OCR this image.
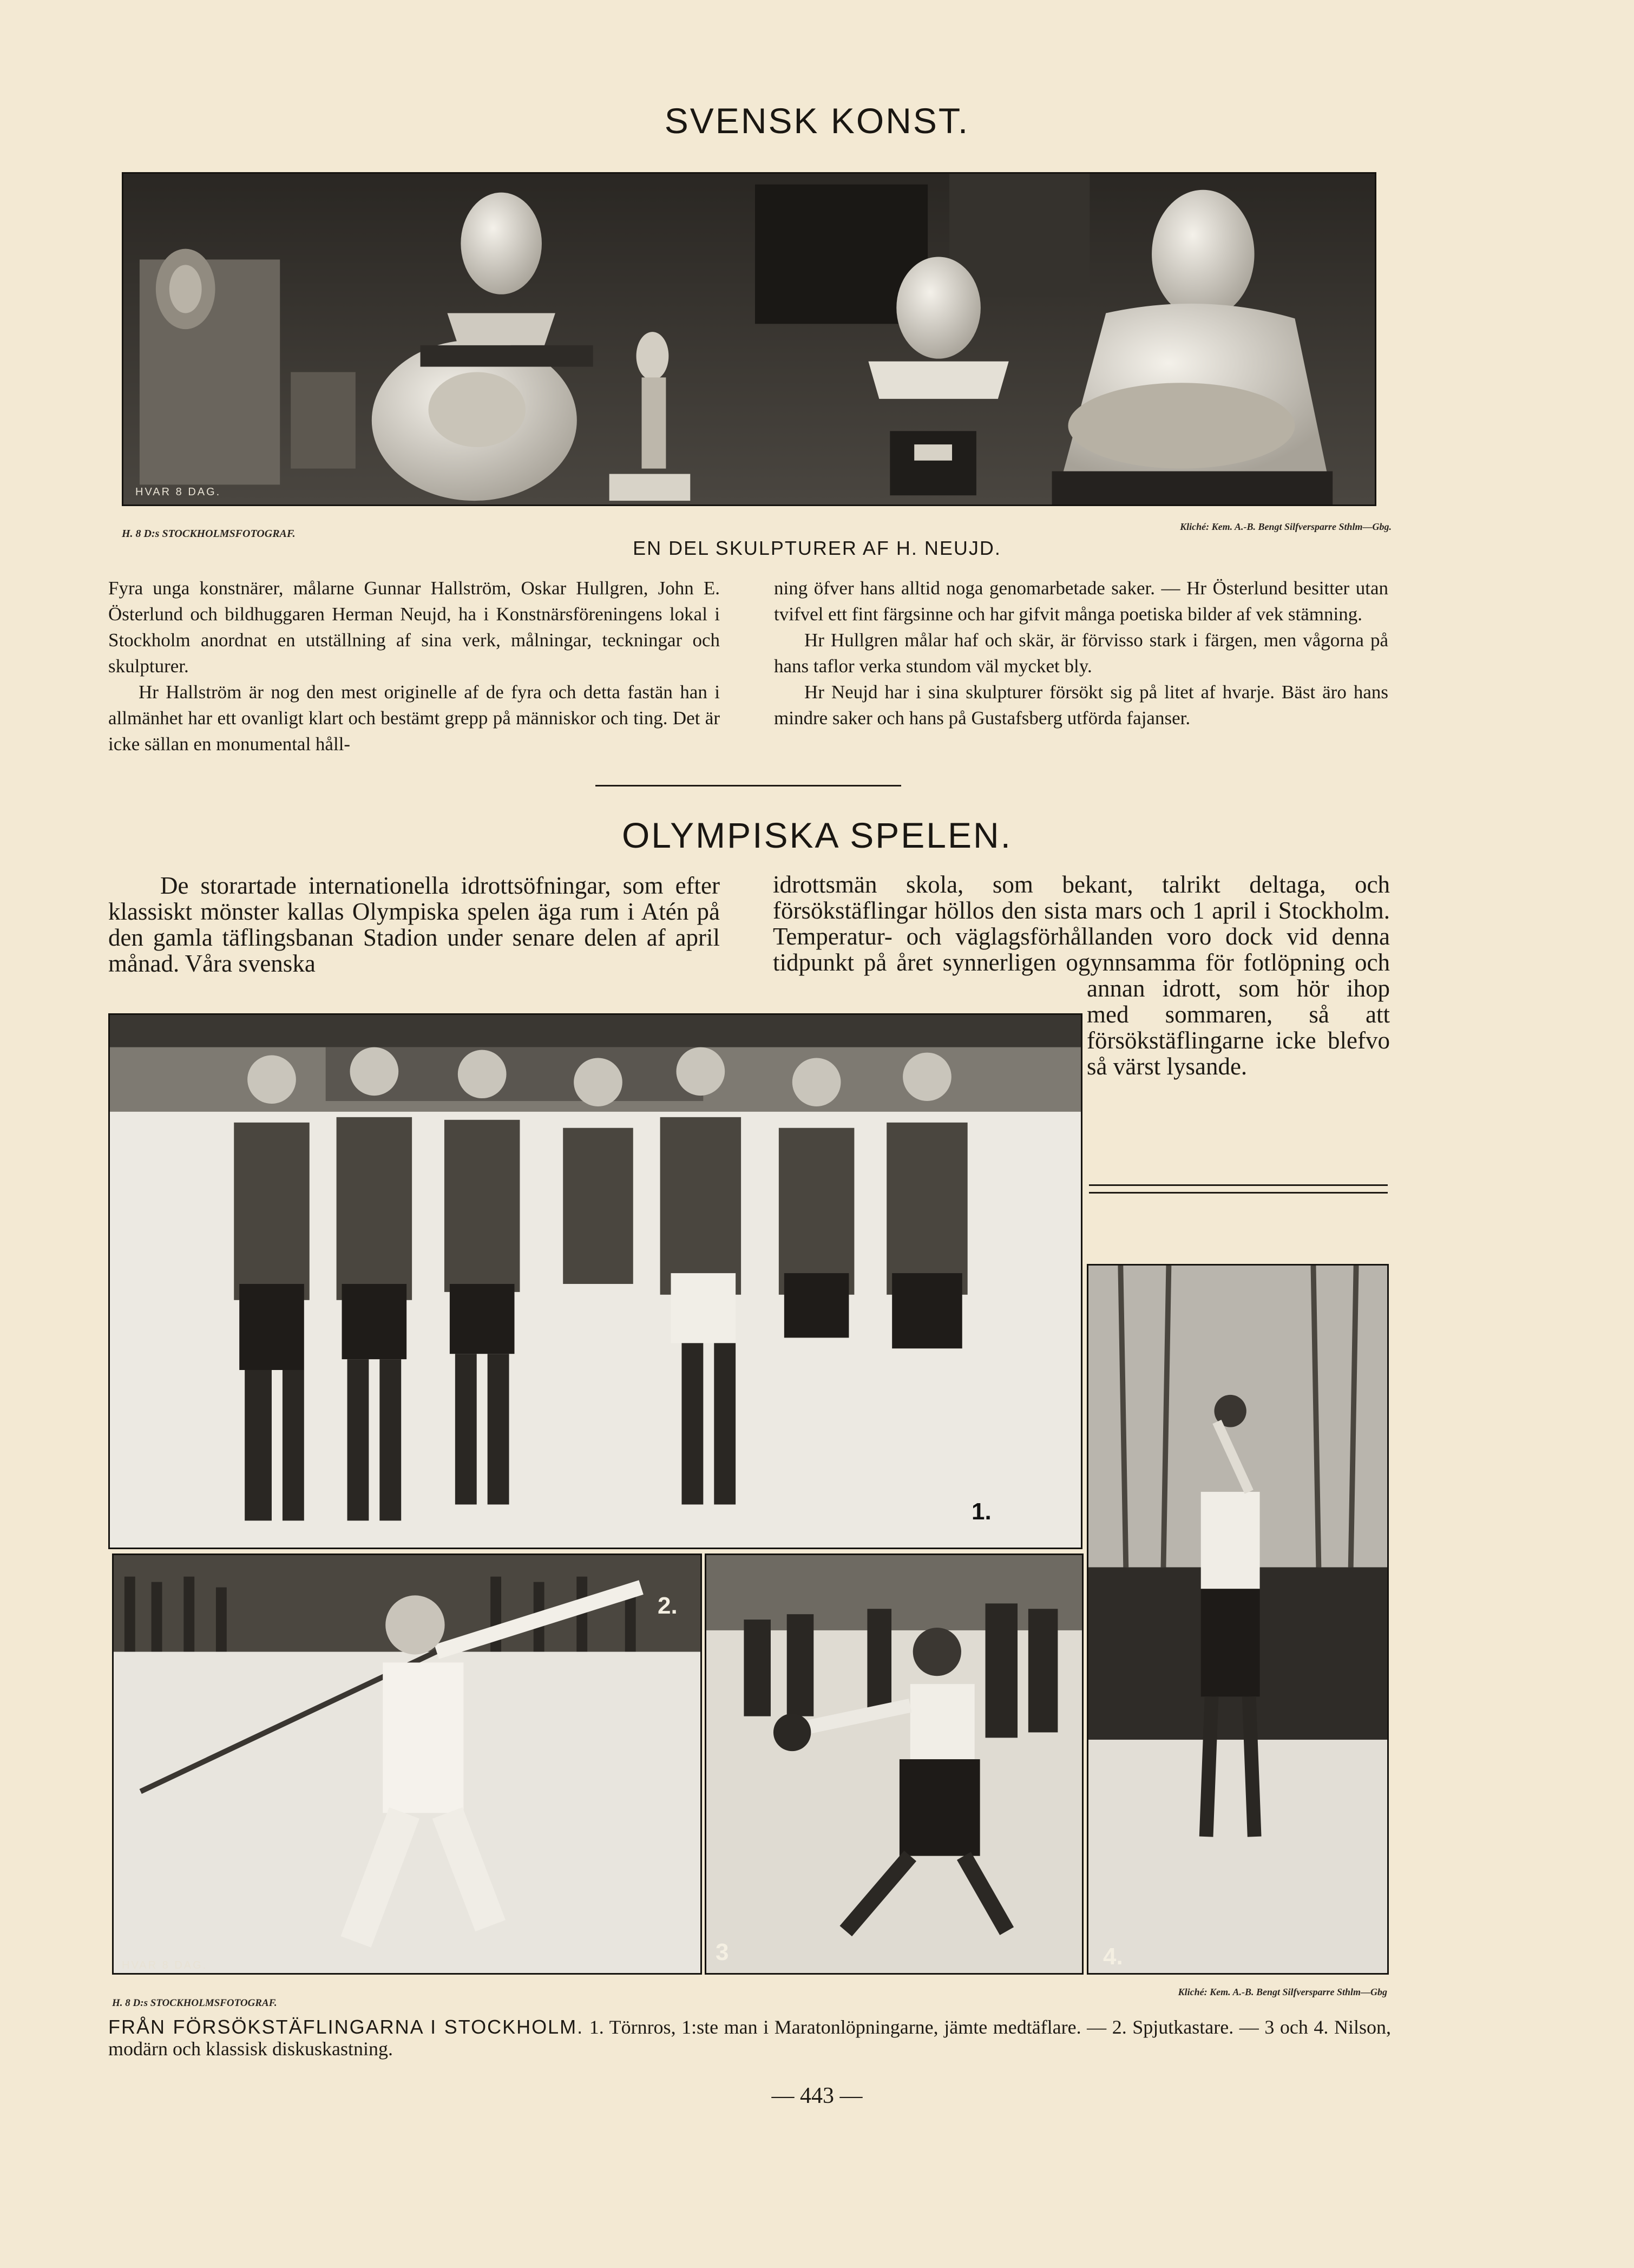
SVENSK KONST.
HVAR 8 DAG.
H. 8 D:s STOCKHOLMSFOTOGRAF.
Kliché: Kem. A.-B. Bengt Silfversparre Sthlm—Gbg.
EN DEL SKULPTURER AF H. NEUJD.

Fyra unga konstnärer, målarne Gunnar Hallström, Oskar Hullgren, John E. Österlund och bildhuggaren Herman Neujd, ha i Konstnärsföreningens lokal i Stockholm anordnat en utställning af sina verk, målningar, teckningar och skulpturer.

Hr Hallström är nog den mest originelle af de fyra och detta fastän han i allmänhet har ett ovanligt klart och bestämt grepp på människor och ting. Det är icke sällan en monumental håll-

ning öfver hans alltid noga genomarbetade saker. — Hr Österlund besitter utan tvifvel ett fint färgsinne och har gifvit många poetiska bilder af vek stämning.

Hr Hullgren målar haf och skär, är förvisso stark i färgen, men vågorna på hans taflor verka stundom väl mycket bly.

Hr Neujd har i sina skulpturer försökt sig på litet af hvarje. Bäst äro hans mindre saker och hans på Gustafsberg utförda fajanser.

OLYMPISKA SPELEN.

De storartade internationella idrottsöfningar, som efter klassiskt mönster kallas Olympiska spelen äga rum i Atén på den gamla täflingsbanan Stadion under senare delen af april månad. Våra svenska

idrottsmän skola, som bekant, talrikt deltaga, och försökstäflingar höllos den sista mars och 1 april i Stockholm. Temperatur- och väglagsförhållanden voro dock vid denna tidpunkt på året synnerligen ogynnsamma för fotlöpning och annan idrott, som hör ihop med sommaren, så att försökstäflingarne icke blefvo så värst lysande.

1.
4.
2.
HVAR 8 DAG.	3
H. 8 D:s STOCKHOLMSFOTOGRAF.
Kliché: Kem. A.-B. Bengt Silfversparre Sthlm—Gbg
FRÅN FÖRSÖKSTÄFLINGARNA I STOCKHOLM. 1. Törnros, 1:ste man i Maratonlöpningarne, jämte medtäflare. — 2. Spjutkastare. — 3 och 4. Nilson, modärn och klassisk diskuskastning.
— 443 —
